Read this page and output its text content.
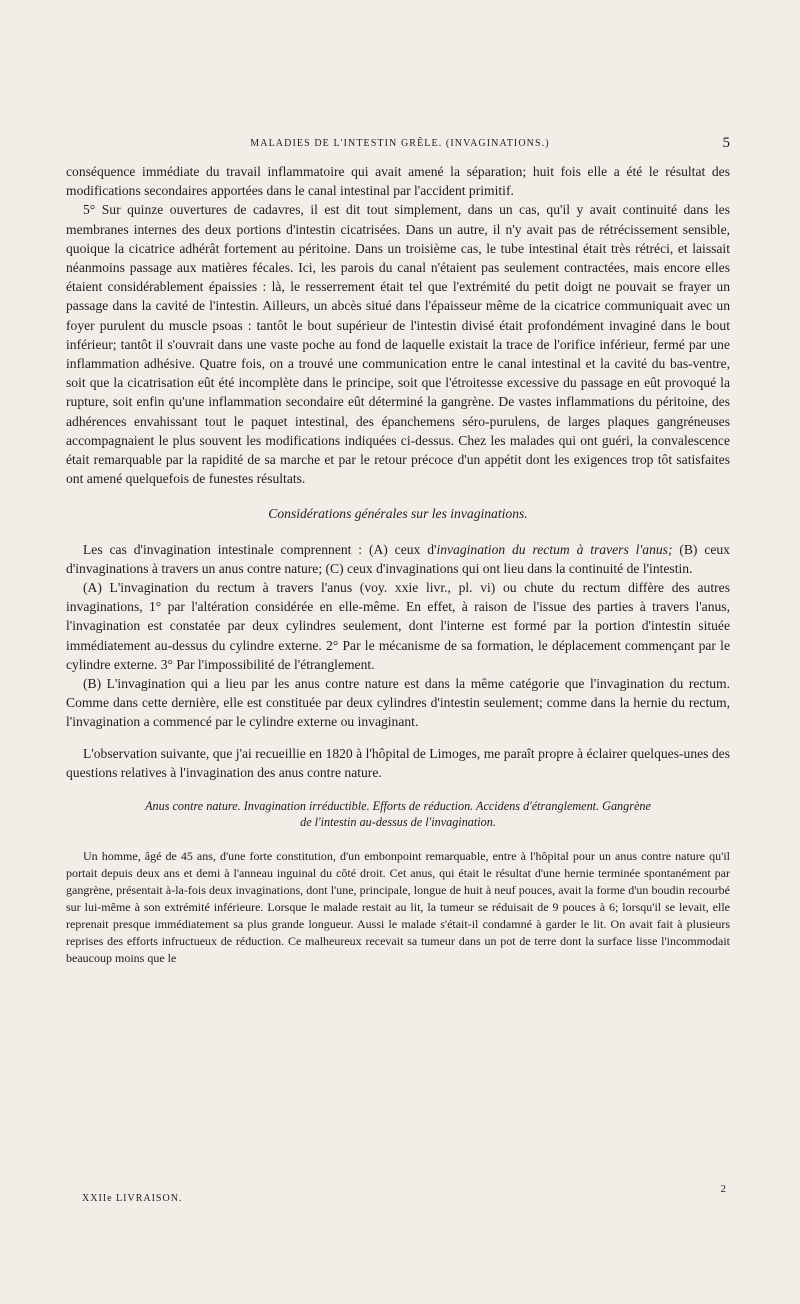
MALADIES DE L'INTESTIN GRÊLE. (INVAGINATIONS.)	5

conséquence immédiate du travail inflammatoire qui avait amené la séparation; huit fois elle a été le résultat des modifications secondaires apportées dans le canal intestinal par l'accident primitif.

5° Sur quinze ouvertures de cadavres, il est dit tout simplement, dans un cas, qu'il y avait continuité dans les membranes internes des deux portions d'intestin cicatrisées. Dans un autre, il n'y avait pas de rétrécissement sensible, quoique la cicatrice adhérât fortement au péritoine. Dans un troisième cas, le tube intestinal était très rétréci, et laissait néanmoins passage aux matières fécales. Ici, les parois du canal n'étaient pas seulement contractées, mais encore elles étaient considérablement épaissies : là, le resserrement était tel que l'extrémité du petit doigt ne pouvait se frayer un passage dans la cavité de l'intestin. Ailleurs, un abcès situé dans l'épaisseur même de la cicatrice communiquait avec un foyer purulent du muscle psoas : tantôt le bout supérieur de l'intestin divisé était profondément invaginé dans le bout inférieur; tantôt il s'ouvrait dans une vaste poche au fond de laquelle existait la trace de l'orifice inférieur, fermé par une inflammation adhésive. Quatre fois, on a trouvé une communication entre le canal intestinal et la cavité du bas-ventre, soit que la cicatrisation eût été incomplète dans le principe, soit que l'étroitesse excessive du passage en eût provoqué la rupture, soit enfin qu'une inflammation secondaire eût déterminé la gangrène. De vastes inflammations du péritoine, des adhérences envahissant tout le paquet intestinal, des épanchemens séro-purulens, de larges plaques gangréneuses accompagnaient le plus souvent les modifications indiquées ci-dessus. Chez les malades qui ont guéri, la convalescence était remarquable par la rapidité de sa marche et par le retour précoce d'un appétit dont les exigences trop tôt satisfaites ont amené quelquefois de funestes résultats.

Considérations générales sur les invaginations.

Les cas d'invagination intestinale comprennent : (A) ceux d'invagination du rectum à travers l'anus; (B) ceux d'invaginations à travers un anus contre nature; (C) ceux d'invaginations qui ont lieu dans la continuité de l'intestin.

(A) L'invagination du rectum à travers l'anus (voy. xxie livr., pl. vi) ou chute du rectum diffère des autres invaginations, 1° par l'altération considérée en elle-même. En effet, à raison de l'issue des parties à travers l'anus, l'invagination est constatée par deux cylindres seulement, dont l'interne est formé par la portion d'intestin située immédiatement au-dessus du cylindre externe. 2° Par le mécanisme de sa formation, le déplacement commençant par le cylindre externe. 3° Par l'impossibilité de l'étranglement.

(B) L'invagination qui a lieu par les anus contre nature est dans la même catégorie que l'invagination du rectum. Comme dans cette dernière, elle est constituée par deux cylindres d'intestin seulement; comme dans la hernie du rectum, l'invagination a commencé par le cylindre externe ou invaginant.

L'observation suivante, que j'ai recueillie en 1820 à l'hôpital de Limoges, me paraît propre à éclairer quelques-unes des questions relatives à l'invagination des anus contre nature.

Anus contre nature. Invagination irréductible. Efforts de réduction. Accidens d'étranglement. Gangrène
de l'intestin au-dessus de l'invagination.

Un homme, âgé de 45 ans, d'une forte constitution, d'un embonpoint remarquable, entre à l'hôpital pour un anus contre nature qu'il portait depuis deux ans et demi à l'anneau inguinal du côté droit. Cet anus, qui était le résultat d'une hernie terminée spontanément par gangrène, présentait à-la-fois deux invaginations, dont l'une, principale, longue de huit à neuf pouces, avait la forme d'un boudin recourbé sur lui-même à son extrémité inférieure. Lorsque le malade restait au lit, la tumeur se réduisait de 9 pouces à 6; lorsqu'il se levait, elle reprenait presque immédiatement sa plus grande longueur. Aussi le malade s'était-il condamné à garder le lit. On avait fait à plusieurs reprises des efforts infructueux de réduction. Ce malheureux recevait sa tumeur dans un pot de terre dont la surface lisse l'incommodait beaucoup moins que le

XXIIe LIVRAISON.
2
